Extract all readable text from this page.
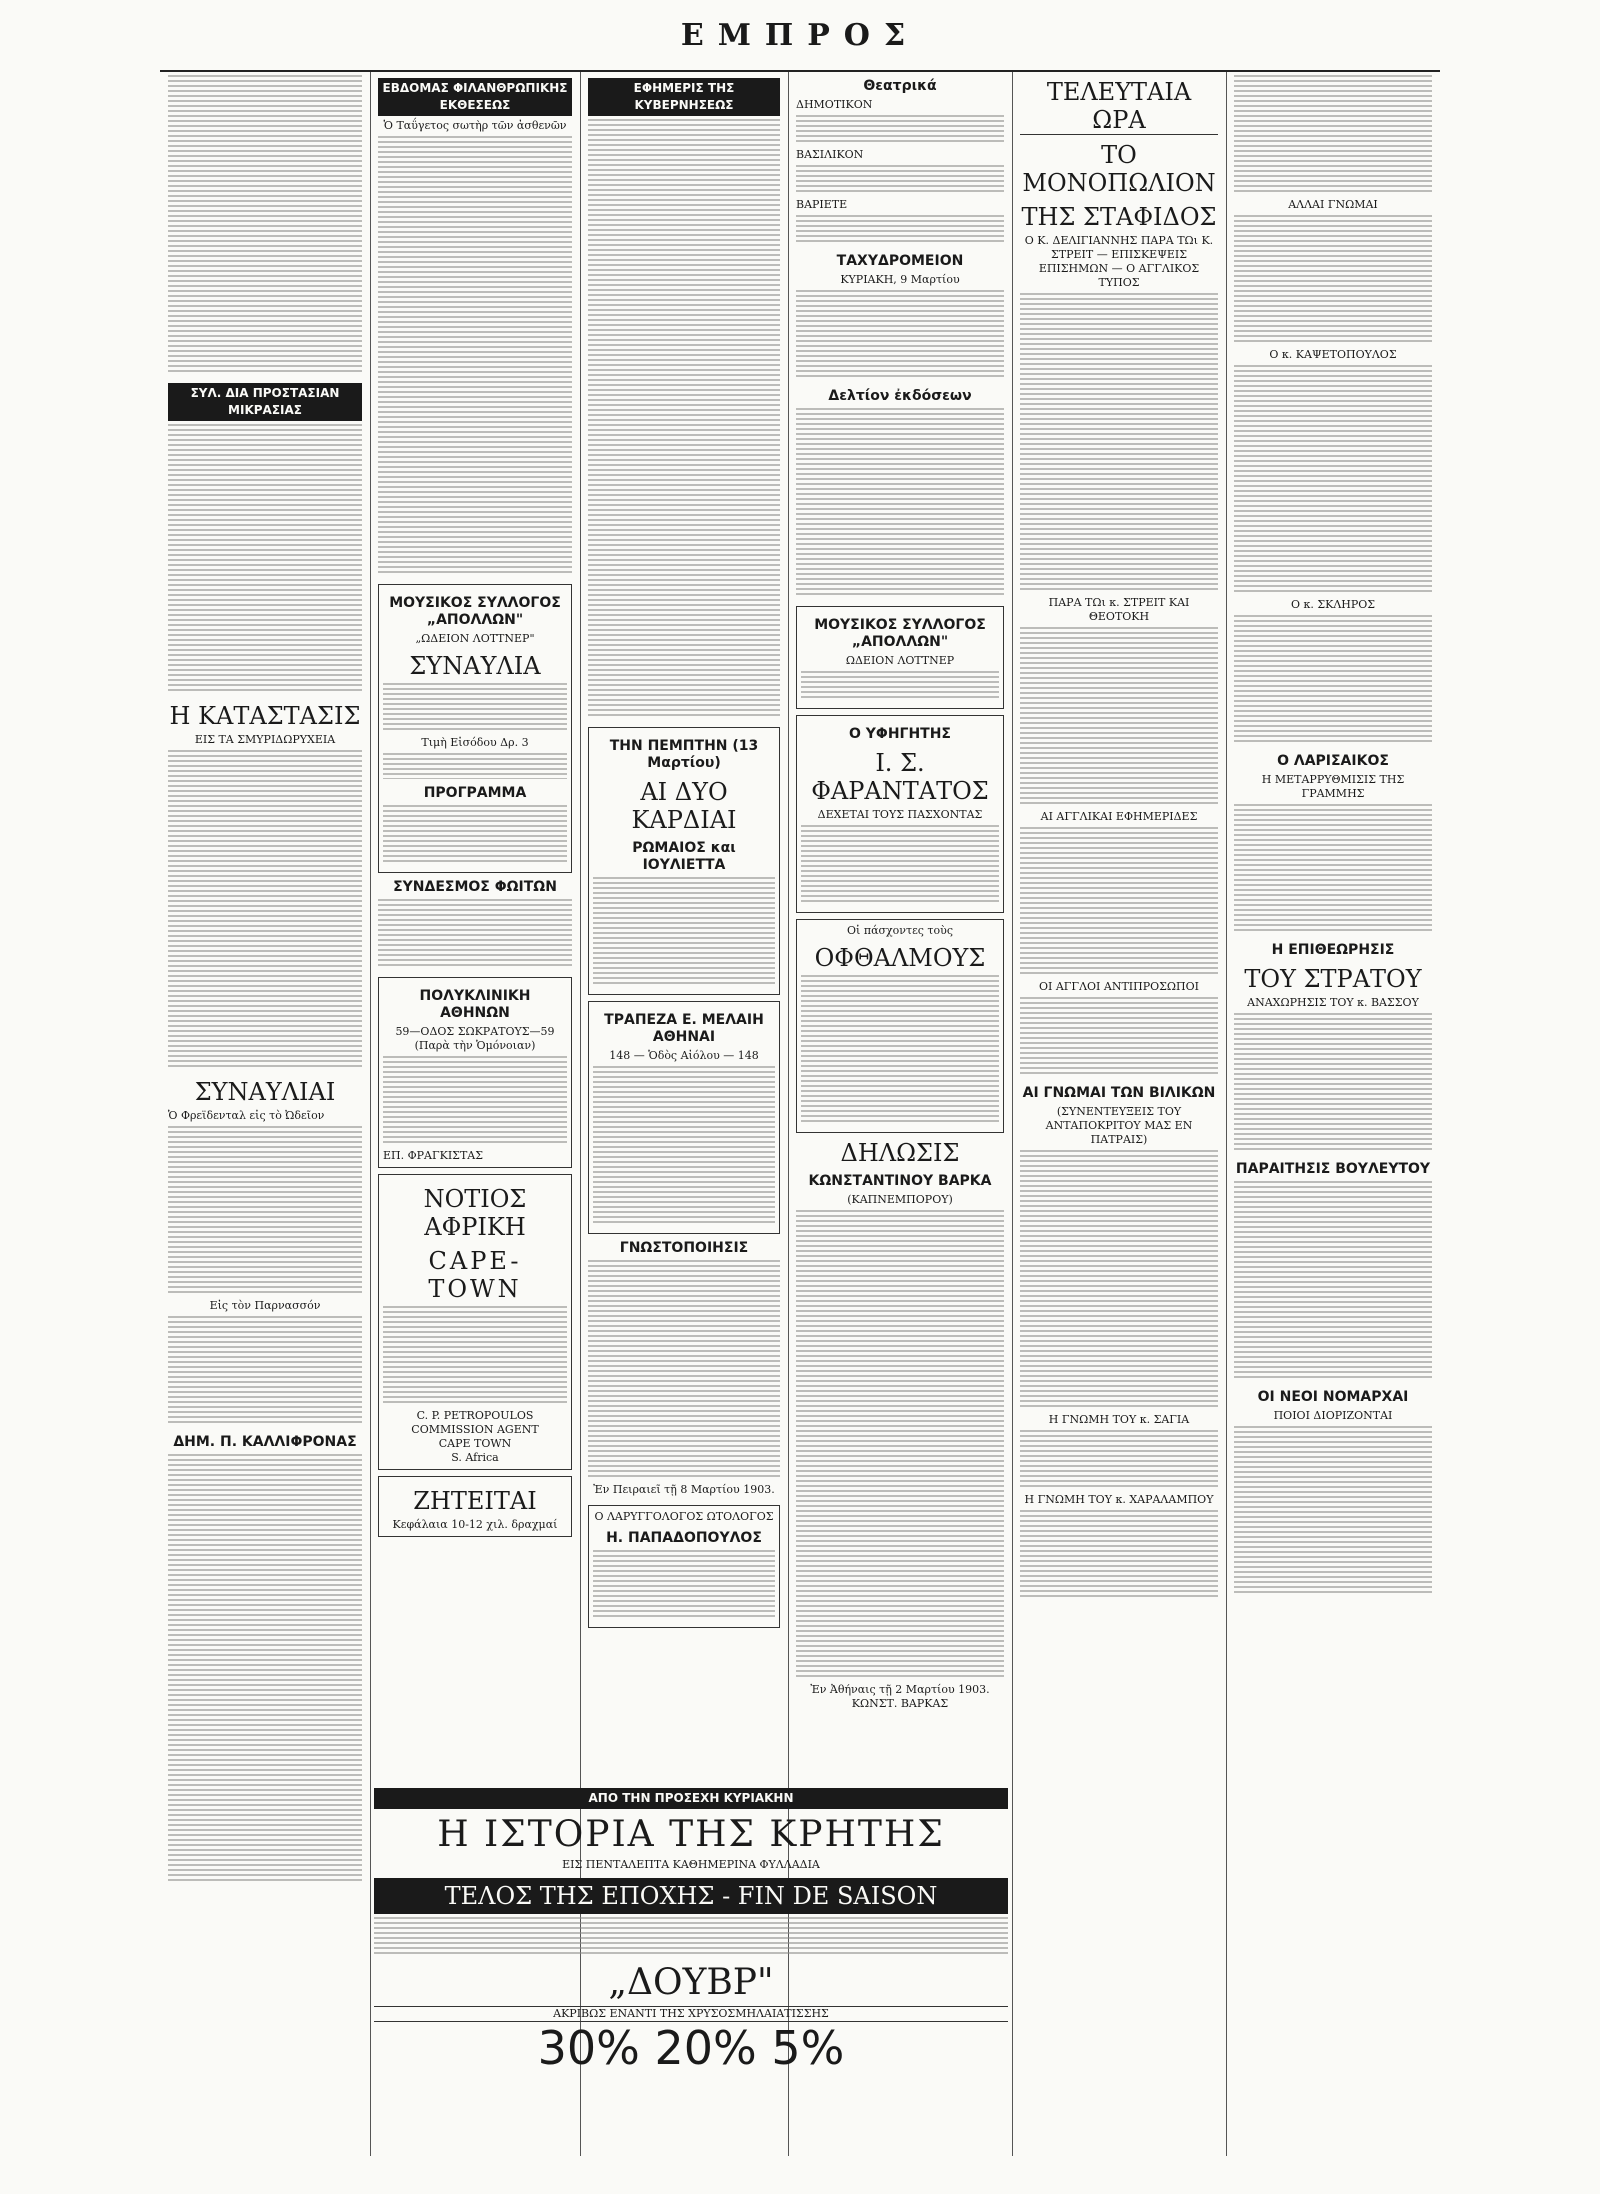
ΕΜΠΡΟΣ
ΣΥΛ. ΔΙΑ ΠΡΟΣΤΑΣΙΑΝ ΜΙΚΡΑΣΙΑΣ
Η ΚΑΤΑΣΤΑΣΙΣ
ΕΙΣ ΤΑ ΣΜΥΡΙΔΩΡΥΧΕΙΑ
ΣΥΝΑΥΛΙΑΙ
Ὁ Φρεϊδενταλ εἰς τὸ Ὠδεῖον
Εἰς τὸν Παρνασσόν
ΔΗΜ. Π. ΚΑΛΛΙΦΡΟΝΑΣ
ΕΒΔΟΜΑΣ ΦΙΛΑΝΘΡΩΠΙΚΗΣ ΕΚΘΕΣΕΩΣ
Ὁ Ταΰγετος σωτὴρ τῶν ἀσθενῶν
ΜΟΥΣΙΚΟΣ ΣΥΛΛΟΓΟΣ „ΑΠΟΛΛΩΝ"
„ΩΔΕΙΟΝ ΛΟΤΤΝΕΡ"
ΣΥΝΑΥΛΙΑ
Τιμὴ Εἰσόδου Δρ. 3
ΠΡΟΓΡΑΜΜΑ
ΣΥΝΔΕΣΜΟΣ ΦΩΙΤΩΝ
ΠΟΛΥΚΛΙΝΙΚΗ ΑΘΗΝΩΝ
59—ΟΔΟΣ ΣΩΚΡΑΤΟΥΣ—59
(Παρὰ τὴν Ὁμόνοιαν)
ΕΠ. ΦΡΑΓΚΙΣΤΑΣ
ΝΟΤΙΟΣ ΑΦΡΙΚΗ
CAPE-TOWN
C. P. PETROPOULOS
COMMISSION AGENT
CAPE TOWN
S. Africa
ΖΗΤΕΙΤΑΙ
Κεφάλαια 10-12 χιλ. δραχμαί
ΕΦΗΜΕΡΙΣ ΤΗΣ ΚΥΒΕΡΝΗΣΕΩΣ
ΤΗΝ ΠΕΜΠΤΗΝ (13 Μαρτίου)
ΑΙ ΔΥΟ ΚΑΡΔΙΑΙ
ΡΩΜΑΙΟΣ και ΙΟΥΛΙΕΤΤΑ
ΤΡΑΠΕΖΑ Ε. ΜΕΛΑΙΗ ΑΘΗΝΑΙ
148 — Ὁδὸς Αἰόλου — 148
ΓΝΩΣΤΟΠΟΙΗΣΙΣ
Ἐν Πειραιεῖ τῇ 8 Μαρτίου 1903.
Ο ΛΑΡΥΓΓΟΛΟΓΟΣ ΩΤΟΛΟΓΟΣ
Η. ΠΑΠΑΔΟΠΟΥΛΟΣ
Θεατρικά
ΔΗΜΟΤΙΚΟΝ
ΒΑΣΙΛΙΚΟΝ
ΒΑΡΙΕΤΕ
ΤΑΧΥΔΡΟΜΕΙΟΝ
ΚΥΡΙΑΚΗ, 9 Μαρτίου
Δελτίον ἐκδόσεων
ΜΟΥΣΙΚΟΣ ΣΥΛΛΟΓΟΣ „ΑΠΟΛΛΩΝ"
ΩΔΕΙΟΝ ΛΟΤΤΝΕΡ
Ο ΥΦΗΓΗΤΗΣ
Ι. Σ. ΦΑΡΑΝΤΑΤΟΣ
ΔΕΧΕΤΑΙ ΤΟΥΣ ΠΑΣΧΟΝΤΑΣ
Οἱ πάσχοντες τοὺς
ΟΦΘΑΛΜΟΥΣ
ΔΗΛΩΣΙΣ
ΚΩΝΣΤΑΝΤΙΝΟΥ ΒΑΡΚΑ
(ΚΑΠΝΕΜΠΟΡΟΥ)
Ἐν Ἀθήναις τῇ 2 Μαρτίου 1903.
ΚΩΝΣΤ. ΒΑΡΚΑΣ
ΤΕΛΕΥΤΑΙΑ ΩΡΑ
ΤΟ ΜΟΝΟΠΩΛΙΟΝ
ΤΗΣ ΣΤΑΦΙΔΟΣ
Ο Κ. ΔΕΛΙΓΙΑΝΝΗΣ ΠΑΡΑ ΤΩι Κ. ΣΤΡΕΙΤ — ΕΠΙΣΚΕΨΕΙΣ ΕΠΙΣΗΜΩΝ — Ο ΑΓΓΛΙΚΟΣ ΤΥΠΟΣ
ΠΑΡΑ ΤΩι κ. ΣΤΡΕΙΤ ΚΑΙ ΘΕΟΤΟΚΗ
ΑΙ ΑΓΓΛΙΚΑΙ ΕΦΗΜΕΡΙΔΕΣ
ΟΙ ΑΓΓΛΟΙ ΑΝΤΙΠΡΟΣΩΠΟΙ
ΑΙ ΓΝΩΜΑΙ ΤΩΝ ΒΙΛΙΚΩΝ
(ΣΥΝΕΝΤΕΥΞΕΙΣ ΤΟΥ ΑΝΤΑΠΟΚΡΙΤΟΥ ΜΑΣ ΕΝ ΠΑΤΡΑΙΣ)
Η ΓΝΩΜΗ ΤΟΥ κ. ΣΑΓΙΑ
Η ΓΝΩΜΗ ΤΟΥ κ. ΧΑΡΑΛΑΜΠΟΥ
ΑΛΛΑΙ ΓΝΩΜΑΙ
Ο κ. ΚΑΨΕΤΟΠΟΥΛΟΣ
Ο κ. ΣΚΛΗΡΟΣ
Ο ΛΑΡΙΣΑΙΚΟΣ
Η ΜΕΤΑΡΡΥΘΜΙΣΙΣ ΤΗΣ ΓΡΑΜΜΗΣ
Η ΕΠΙΘΕΩΡΗΣΙΣ
ΤΟΥ ΣΤΡΑΤΟΥ
ΑΝΑΧΩΡΗΣΙΣ ΤΟΥ κ. ΒΑΣΣΟΥ
ΠΑΡΑΙΤΗΣΙΣ ΒΟΥΛΕΥΤΟΥ
ΟΙ ΝΕΟΙ ΝΟΜΑΡΧΑΙ
ΠΟΙΟΙ ΔΙΟΡΙΖΟΝΤΑΙ
ΑΠΟ ΤΗΝ ΠΡΟΣΕΧΗ ΚΥΡΙΑΚΗΝ
Η ΙΣΤΟΡΙΑ ΤΗΣ ΚΡΗΤΗΣ
ΕΙΣ ΠΕΝΤΑΛΕΠΤΑ ΚΑΘΗΜΕΡΙΝΑ ΦΥΛΛΑΔΙΑ
ΤΕΛΟΣ ΤΗΣ ΕΠΟΧΗΣ - FIN DE SAISON
„ΔΟΥΒΡ"
ΑΚΡΙΒΩΣ ΕΝΑΝΤΙ ΤΗΣ ΧΡΥΣΟΣΜΗΛΑΙΑΤΙΣΣΗΣ
30% 20% 5%
